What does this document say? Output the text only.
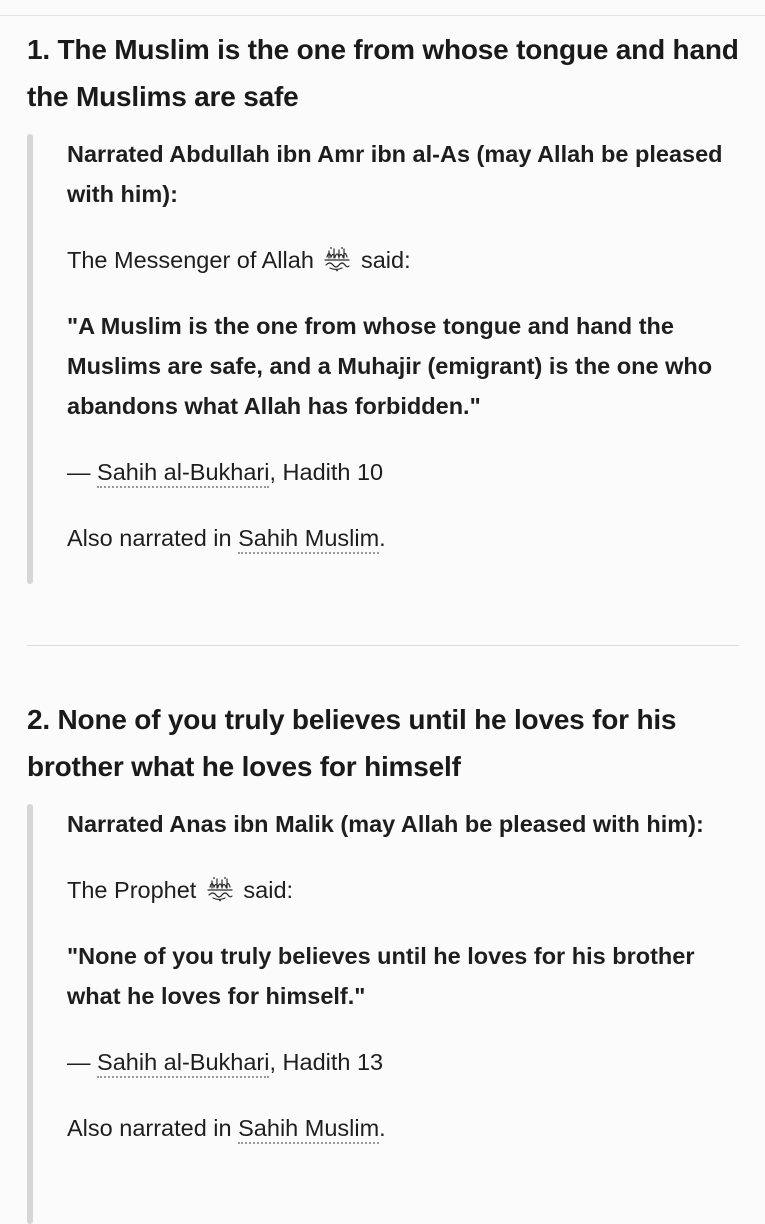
1. The Muslim is the one from whose tongue and hand the Muslims are safe

Narrated Abdullah ibn Amr ibn al-As (may Allah be pleased with him):

The Messenger of Allah said:

"A Muslim is the one from whose tongue and hand the Muslims are safe, and a Muhajir (emigrant) is the one who abandons what Allah has forbidden."

— Sahih al-Bukhari, Hadith 10

Also narrated in Sahih Muslim.

2. None of you truly believes until he loves for his brother what he loves for himself

Narrated Anas ibn Malik (may Allah be pleased with him):

The Prophet said:

"None of you truly believes until he loves for his brother what he loves for himself."

— Sahih al-Bukhari, Hadith 13

Also narrated in Sahih Muslim.
